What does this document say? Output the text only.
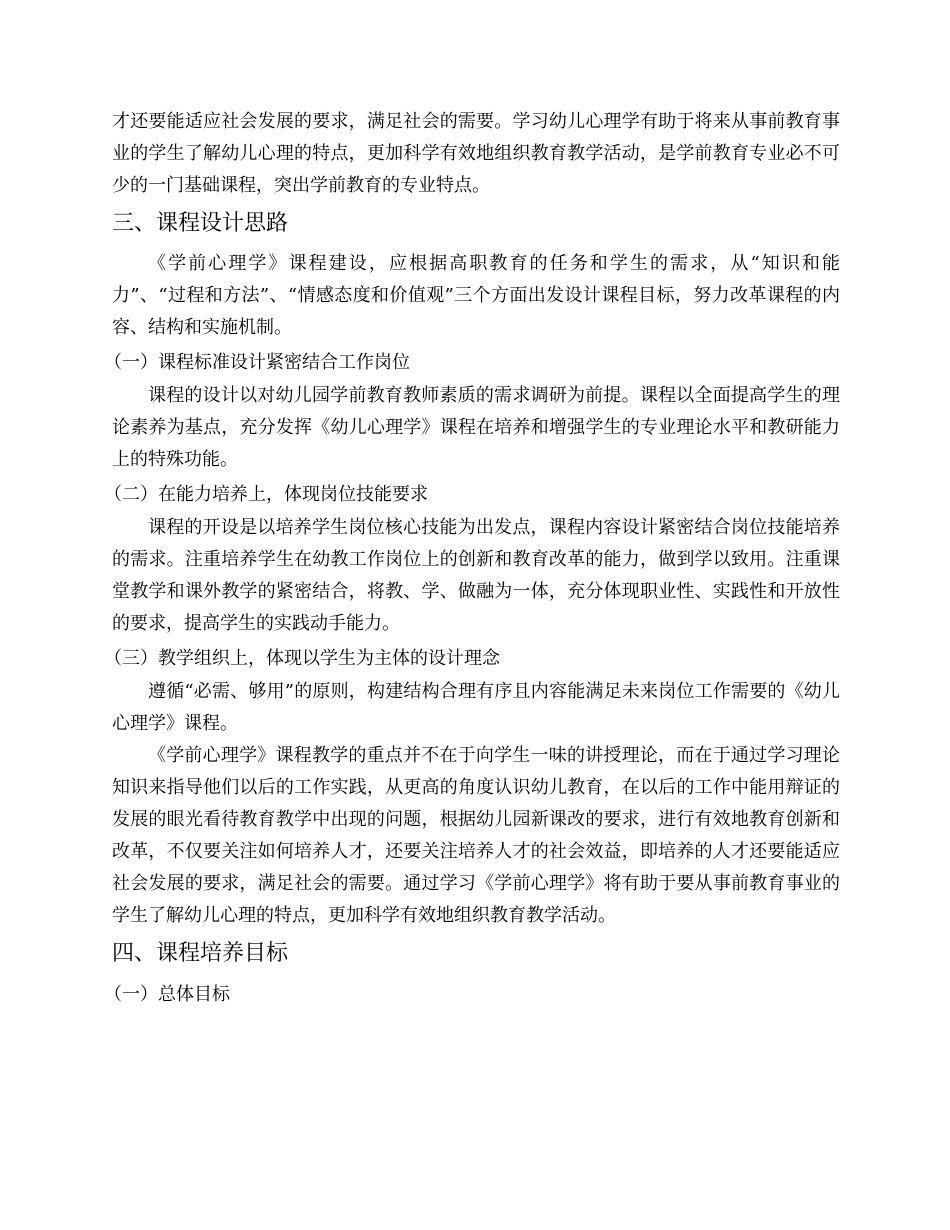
才还要能适应社会发展的要求，满足社会的需要。学习幼儿心理学有助于将来从事前教育事业的学生了解幼儿心理的特点，更加科学有效地组织教育教学活动，是学前教育专业必不可少的一门基础课程，突出学前教育的专业特点。

三、课程设计思路

《学前心理学》课程建设，应根据高职教育的任务和学生的需求，从“知识和能力”、“过程和方法”、“情感态度和价值观”三个方面出发设计课程目标，努力改革课程的内容、结构和实施机制。

（一）课程标准设计紧密结合工作岗位

课程的设计以对幼儿园学前教育教师素质的需求调研为前提。课程以全面提高学生的理论素养为基点，充分发挥《幼儿心理学》课程在培养和增强学生的专业理论水平和教研能力上的特殊功能。

（二）在能力培养上，体现岗位技能要求

课程的开设是以培养学生岗位核心技能为出发点，课程内容设计紧密结合岗位技能培养的需求。注重培养学生在幼教工作岗位上的创新和教育改革的能力，做到学以致用。注重课堂教学和课外教学的紧密结合，将教、学、做融为一体，充分体现职业性、实践性和开放性的要求，提高学生的实践动手能力。

（三）教学组织上，体现以学生为主体的设计理念

遵循“必需、够用”的原则，构建结构合理有序且内容能满足未来岗位工作需要的《幼儿心理学》课程。

《学前心理学》课程教学的重点并不在于向学生一味的讲授理论，而在于通过学习理论知识来指导他们以后的工作实践，从更高的角度认识幼儿教育，在以后的工作中能用辩证的发展的眼光看待教育教学中出现的问题，根据幼儿园新课改的要求，进行有效地教育创新和改革，不仅要关注如何培养人才，还要关注培养人才的社会效益，即培养的人才还要能适应社会发展的要求，满足社会的需要。通过学习《学前心理学》将有助于要从事前教育事业的学生了解幼儿心理的特点，更加科学有效地组织教育教学活动。

四、课程培养目标
（一）总体目标
